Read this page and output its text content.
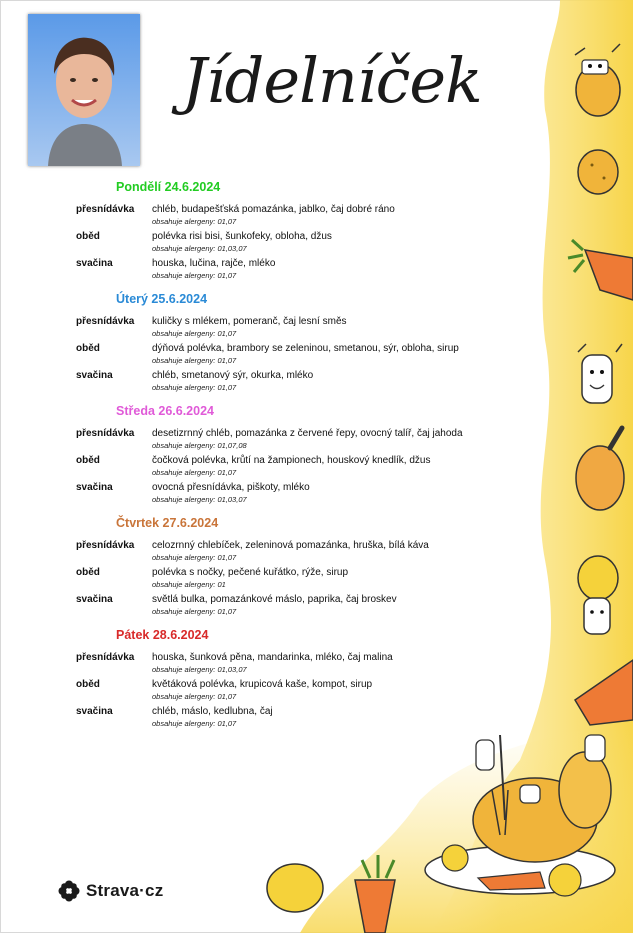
Jídelníček
Pondělí 24.6.2024
přesnídávka chléb, budapešťská pomazánka, jablko, čaj dobré ráno
obsahuje alergeny: 01,07
oběd	polévka risi bisi, šunkofeky, obloha, džus
obsahuje alergeny: 01,03,07
svačina	houska, lučina, rajče, mléko
obsahuje alergeny: 01,07
Úterý 25.6.2024
přesnídávka kuličky s mlékem, pomeranč, čaj lesní směs
obsahuje alergeny: 01,07
oběd	dýňová polévka, brambory se zeleninou, smetanou, sýr, obloha, sirup
obsahuje alergeny: 01,07
svačina	chléb, smetanový sýr, okurka, mléko
obsahuje alergeny: 01,07
Středa 26.6.2024
přesnídávka desetizrnný chléb, pomazánka z červené řepy, ovocný talíř, čaj jahoda
obsahuje alergeny: 01,07,08
oběd	čočková polévka, krůtí na žampionech, houskový knedlík, džus
obsahuje alergeny: 01,07
svačina	ovocná přesnídávka, piškoty, mléko
obsahuje alergeny: 01,03,07
Čtvrtek 27.6.2024
přesnídávka celozrnný chlebíček, zeleninová pomazánka, hruška, bílá káva
obsahuje alergeny: 01,07
oběd	polévka s nočky, pečené kuřátko, rýže, sirup
obsahuje alergeny: 01
svačina	světlá bulka, pomazánkové máslo, paprika, čaj broskev
obsahuje alergeny: 01,07
Pátek 28.6.2024
přesnídávka houska, šunková pěna, mandarinka, mléko, čaj malina
obsahuje alergeny: 01,03,07
oběd	květáková polévka, krupicová kaše, kompot, sirup
obsahuje alergeny: 01,07
svačina	chléb, máslo, kedlubna, čaj
obsahuje alergeny: 01,07
Strava·cz
